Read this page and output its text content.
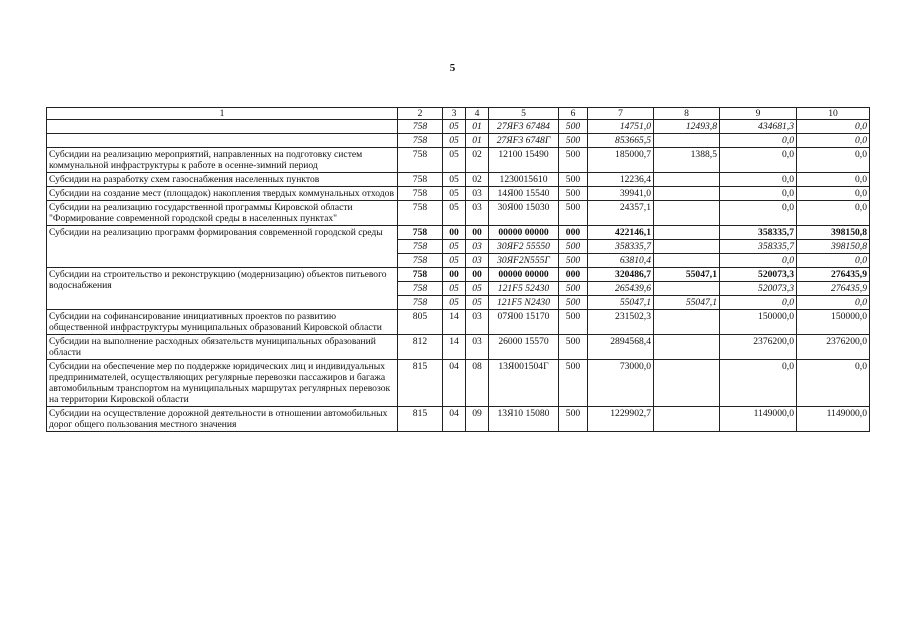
5
1	2	3	4	5	6	7	8	9	10
	758	05	01	27ЯF3 67484	500	14751,0	12493,8	434681,3	0,0
	758	05	01	27ЯF3 6748Г	500	853665,5		0,0	0,0
Субсидии на реализацию мероприятий, направленных на подготовку систем коммунальной инфраструктуры к работе в осенне-зимний период	758	05	02	12100 15490	500	185000,7	1388,5	0,0	0,0
Субсидии на разработку схем газоснабжения населенных пунктов	758	05	02	1230015610	500	12236,4		0,0	0,0
Субсидии на создание мест (площадок) накопления твердых коммунальных отходов	758	05	03	14Я00 15540	500	39941,0		0,0	0,0
Субсидии на реализацию государственной программы Кировской области "Формирование современной городской среды в населенных пунктах"	758	05	03	30Я00 15030	500	24357,1		0,0	0,0
Субсидии на реализацию программ формирования современной городской среды	758	00	00	00000 00000	000	422146,1		358335,7	398150,8
	758	05	03	30ЯF2 55550	500	358335,7		358335,7	398150,8
	758	05	03	30ЯF2N555Г	500	63810,4		0,0	0,0
Субсидии на строительство и реконструкцию (модернизацию) объектов питьевого водоснабжения	758	00	00	00000 00000	000	320486,7	55047,1	520073,3	276435,9
	758	05	05	121F5 52430	500	265439,6		520073,3	276435,9
	758	05	05	121F5 N2430	500	55047,1	55047,1	0,0	0,0
Субсидии на софинансирование инициативных проектов по развитию общественной инфраструктуры муниципальных образований Кировской области	805	14	03	07Я00 15170	500	231502,3		150000,0	150000,0
Субсидии на выполнение расходных обязательств муниципальных образований области	812	14	03	26000 15570	500	2894568,4		2376200,0	2376200,0
Субсидии на обеспечение мер по поддержке юридических лиц и индивидуальных предпринимателей, осуществляющих регулярные перевозки пассажиров и багажа автомобильным транспортом на муниципальных маршрутах регулярных перевозок на территории Кировской области	815	04	08	13Я001504Г	500	73000,0		0,0	0,0
Субсидии на осуществление дорожной деятельности в отношении автомобильных дорог общего пользования местного значения	815	04	09	13Я10 15080	500	1229902,7		1149000,0	1149000,0
